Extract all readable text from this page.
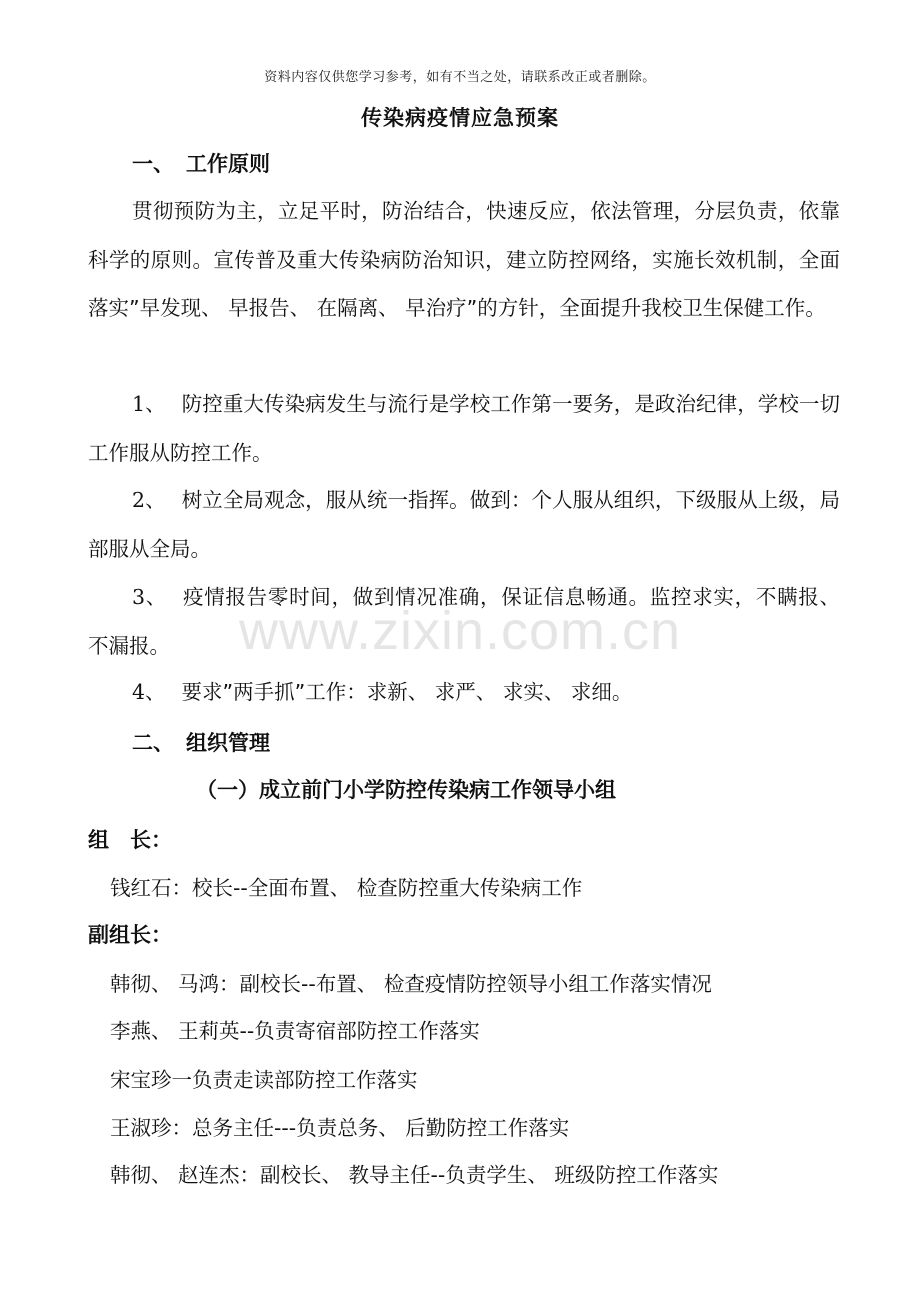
资料内容仅供您学习参考，如有不当之处，请联系改正或者删除。
传染病疫情应急预案
一、 工作原则

贯彻预防为主，立足平时，防治结合，快速反应，依法管理，分层负责，依靠科学的原则。宣传普及重大传染病防治知识，建立防控网络，实施长效机制，全面落实”早发现、 早报告、 在隔离、 早治疗”的方针，全面提升我校卫生保健工作。

1、 防控重大传染病发生与流行是学校工作第一要务，是政治纪律，学校一切工作服从防控工作。

2、 树立全局观念，服从统一指挥。做到：个人服从组织，下级服从上级，局部服从全局。

3、 疫情报告零时间，做到情况准确，保证信息畅通。监控求实，不瞒报、 不漏报。

4、 要求”两手抓”工作：求新、 求严、 求实、 求细。

二、 组织管理
（一）成立前门小学防控传染病工作领导小组
组　长：
钱红石：校长--全面布置、 检查防控重大传染病工作
副组长：
韩彻、 马鸿：副校长--布置、 检查疫情防控领导小组工作落实情况
李燕、 王莉英--负责寄宿部防控工作落实
宋宝珍一负责走读部防控工作落实
王淑珍：总务主任---负责总务、 后勤防控工作落实
韩彻、 赵连杰：副校长、 教导主任--负责学生、 班级防控工作落实
www.zixin.com.cn
